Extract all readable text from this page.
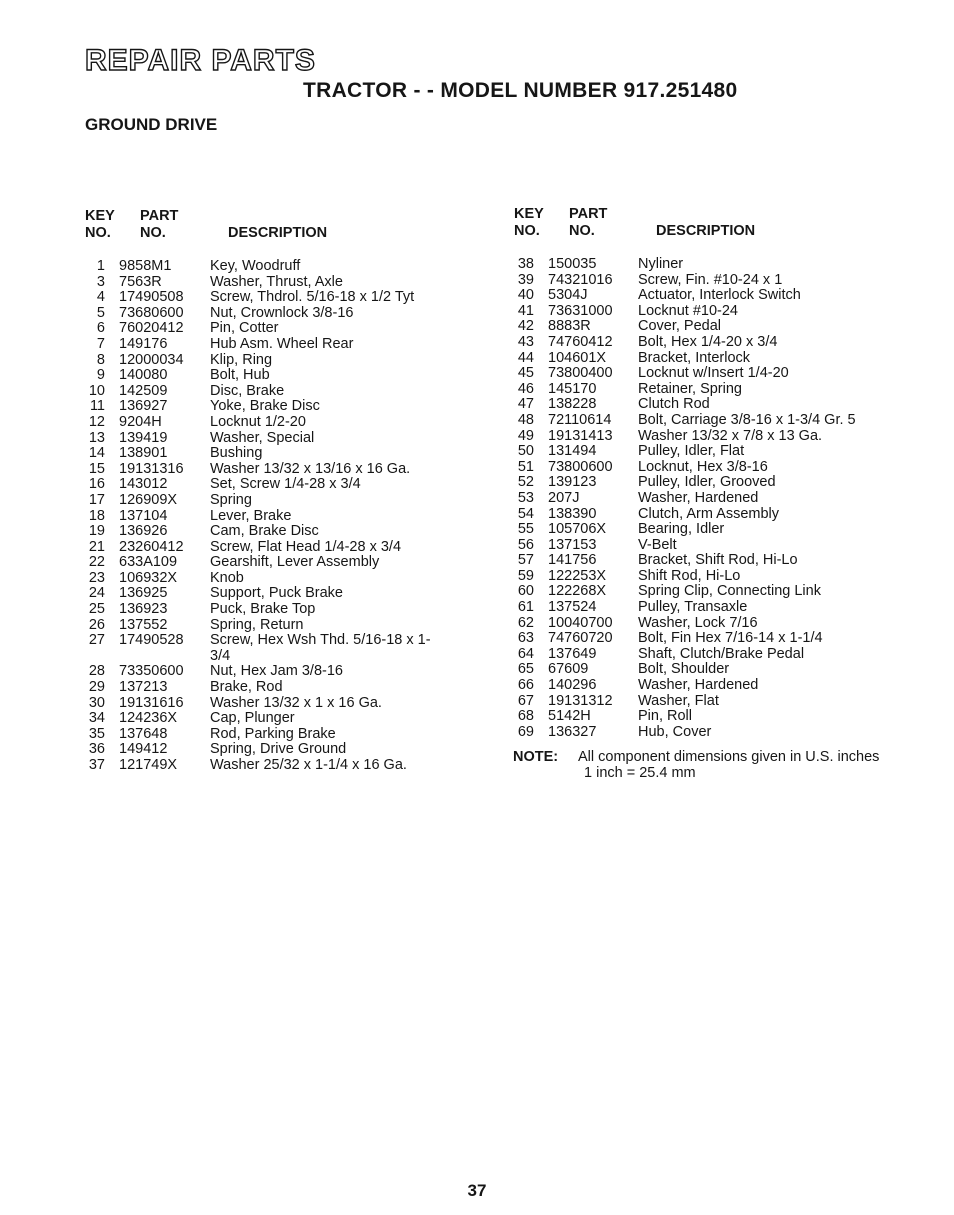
REPAIR PARTS
TRACTOR - - MODEL NUMBER 917.251480
GROUND DRIVE
KEY
NO.
PART
NO.	DESCRIPTION
KEY
NO.
PART
NO.	DESCRIPTION
1 9858M1	Key, Woodruff
3 7563R	Washer, Thrust, Axle
4 17490508	Screw, Thdrol. 5/16-18 x 1/2 Tyt
5 73680600	Nut, Crownlock 3/8-16
6 76020412	Pin, Cotter
7 149176	Hub Asm. Wheel Rear
8 12000034	Klip, Ring
9 140080	Bolt, Hub
10 142509	Disc, Brake
11 136927	Yoke, Brake Disc
12 9204H	Locknut 1/2-20
13 139419	Washer, Special
14 138901	Bushing
15 19131316	Washer 13/32 x 13/16 x 16 Ga.
16 143012	Set, Screw 1/4-28 x 3/4
17 126909X	Spring
18 137104	Lever, Brake
19 136926	Cam, Brake Disc
21 23260412	Screw, Flat Head 1/4-28 x 3/4
22 633A109	Gearshift, Lever Assembly
23 106932X	Knob
24 136925	Support, Puck Brake
25 136923	Puck, Brake Top
26 137552	Spring, Return
27 17490528	Screw, Hex Wsh Thd. 5/16-18 x 1-3/4
28 73350600	Nut, Hex Jam 3/8-16
29 137213	Brake, Rod
30 19131616	Washer 13/32 x 1 x 16 Ga.
34 124236X	Cap, Plunger
35 137648	Rod, Parking Brake
36 149412	Spring, Drive Ground
37 121749X	Washer 25/32 x 1-1/4 x 16 Ga.
38 150035	Nyliner
39 74321016	Screw, Fin. #10-24 x 1
40 5304J	Actuator, Interlock Switch
41 73631000	Locknut #10-24
42 8883R	Cover, Pedal
43 74760412	Bolt, Hex 1/4-20 x 3/4
44 104601X	Bracket, Interlock
45 73800400	Locknut w/Insert 1/4-20
46 145170	Retainer, Spring
47 138228	Clutch Rod
48 72110614	Bolt, Carriage 3/8-16 x 1-3/4 Gr. 5
49 19131413	Washer 13/32 x 7/8 x 13 Ga.
50 131494	Pulley, Idler, Flat
51 73800600	Locknut, Hex 3/8-16
52 139123	Pulley, Idler, Grooved
53 207J	Washer, Hardened
54 138390	Clutch, Arm Assembly
55 105706X	Bearing, Idler
56 137153	V-Belt
57 141756	Bracket, Shift Rod, Hi-Lo
59 122253X	Shift Rod, Hi-Lo
60 122268X	Spring Clip, Connecting Link
61 137524	Pulley, Transaxle
62 10040700	Washer, Lock 7/16
63 74760720	Bolt, Fin Hex 7/16-14 x 1-1/4
64 137649	Shaft, Clutch/Brake Pedal
65 67609	Bolt, Shoulder
66 140296	Washer, Hardened
67 19131312	Washer, Flat
68 5142H	Pin, Roll
69 136327	Hub, Cover
NOTE:	All component dimensions given in U.S. inches
1 inch = 25.4 mm
37
